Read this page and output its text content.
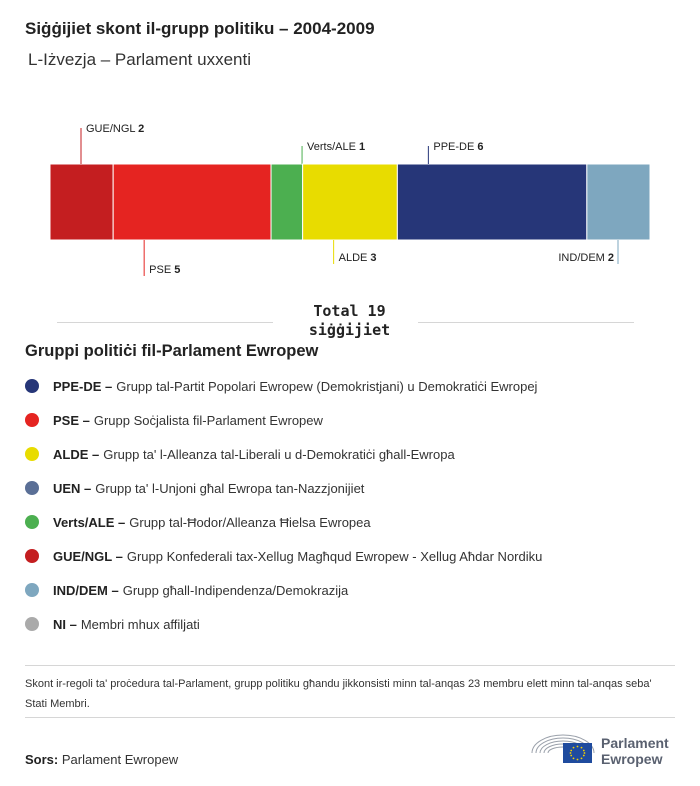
Siġġijiet skont il-grupp politiku – 2004-2009
L-Iżvezja – Parlament uxxenti
GUE/NGL 2
PSE 5
Verts/ALE 1
ALDE 3
PPE-DE 6
IND/DEM 2
Total 19
siġġijiet
Gruppi politiċi fil-Parlament Ewropew
PPE-DE – Grupp tal-Partit Popolari Ewropew (Demokristjani) u Demokratiċi Ewropej
PSE – Grupp Soċjalista fil-Parlament Ewropew
ALDE – Grupp ta' l-Alleanza tal-Liberali u d-Demokratiċi għall-Ewropa
UEN – Grupp ta' l-Unjoni għal Ewropa tan-Nazzjonijiet
Verts/ALE – Grupp tal-Ħodor/Alleanza Ħielsa Ewropea
GUE/NGL – Grupp Konfederali tax-Xellug Magħqud Ewropew - Xellug Aħdar Nordiku
IND/DEM – Grupp għall-Indipendenza/Demokrazija
NI – Membri mhux affiljati
Skont ir-regoli ta' proċedura tal-Parlament, grupp politiku għandu jikkonsisti minn tal-anqas 23 membru elett minn tal-anqas seba' Stati Membri.
Sors: Parlament Ewropew
Parlament
Ewropew
